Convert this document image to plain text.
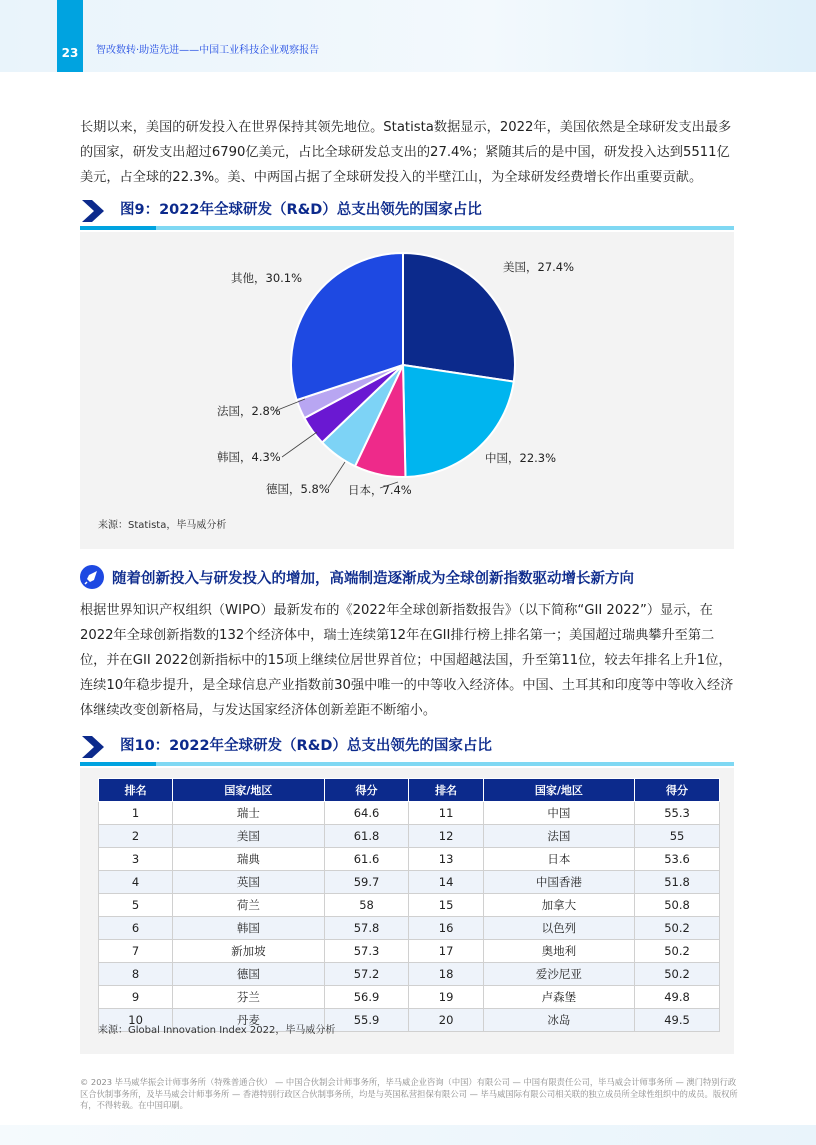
23	智改数转·助造先进——中国工业科技企业观察报告

长期以来，美国的研发投入在世界保持其领先地位。Statista数据显示，2022年，美国依然是全球研发支出最多的国家，研发支出超过6790亿美元，占比全球研发总支出的27.4%；紧随其后的是中国，研发投入达到5511亿美元，占全球的22.3%。美、中两国占据了全球研发投入的半壁江山，为全球研发经费增长作出重要贡献。

图9：2022年全球研发（R&D）总支出领先的国家占比
美国，27.4%
中国，22.3%
日本，7.4%
德国，5.8%
韩国，4.3%
法国，2.8%
其他，30.1%
来源：Statista，毕马威分析
随着创新投入与研发投入的增加，高端制造逐渐成为全球创新指数驱动增长新方向

根据世界知识产权组织（WIPO）最新发布的《2022年全球创新指数报告》（以下简称“GII 2022”）显示，在2022年全球创新指数的132个经济体中，瑞士连续第12年在GII排行榜上排名第一；美国超过瑞典攀升至第二位，并在GII 2022创新指标中的15项上继续位居世界首位；中国超越法国，升至第11位，较去年排名上升1位，连续10年稳步提升，是全球信息产业指数前30强中唯一的中等收入经济体。中国、土耳其和印度等中等收入经济体继续改变创新格局，与发达国家经济体创新差距不断缩小。

图10：2022年全球研发（R&D）总支出领先的国家占比
排名	国家/地区	得分	排名	国家/地区	得分
1	瑞士	64.6	11	中国	55.3
2	美国	61.8	12	法国	55
3	瑞典	61.6	13	日本	53.6
4	英国	59.7	14	中国香港	51.8
5	荷兰	58	15	加拿大	50.8
6	韩国	57.8	16	以色列	50.2
7	新加坡	57.3	17	奥地利	50.2
8	德国	57.2	18	爱沙尼亚	50.2
9	芬兰	56.9	19	卢森堡	49.8
10	丹麦	55.9	20	冰岛	49.5
来源：Global Innovation Index 2022，毕马威分析

© 2023 毕马威华振会计师事务所（特殊普通合伙） — 中国合伙制会计师事务所，毕马威企业咨询（中国）有限公司 — 中国有限责任公司，毕马威会计师事务所 — 澳门特别行政区合伙制事务所，及毕马威会计师事务所 — 香港特别行政区合伙制事务所，均是与英国私营担保有限公司 — 毕马威国际有限公司相关联的独立成员所全球性组织中的成员。版权所有，不得转载。在中国印刷。
